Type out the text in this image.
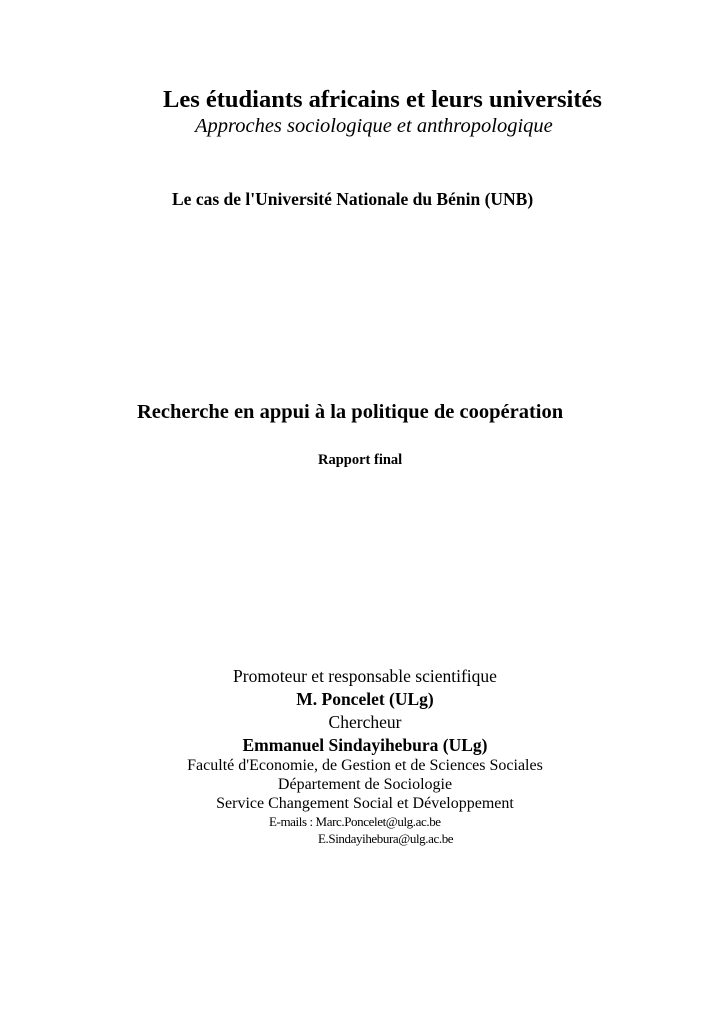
Les étudiants africains et leurs universités
Approches sociologique et anthropologique
Le cas de l'Université Nationale du Bénin (UNB)
Recherche en appui à la politique de coopération
Rapport final
Promoteur et responsable scientifique
M. Poncelet (ULg)
Chercheur
Emmanuel Sindayihebura (ULg)
Faculté d'Economie, de Gestion et de Sciences Sociales
Département de Sociologie
Service Changement Social et Développement
E-mails : Marc.Poncelet@ulg.ac.be
E.Sindayihebura@ulg.ac.be
